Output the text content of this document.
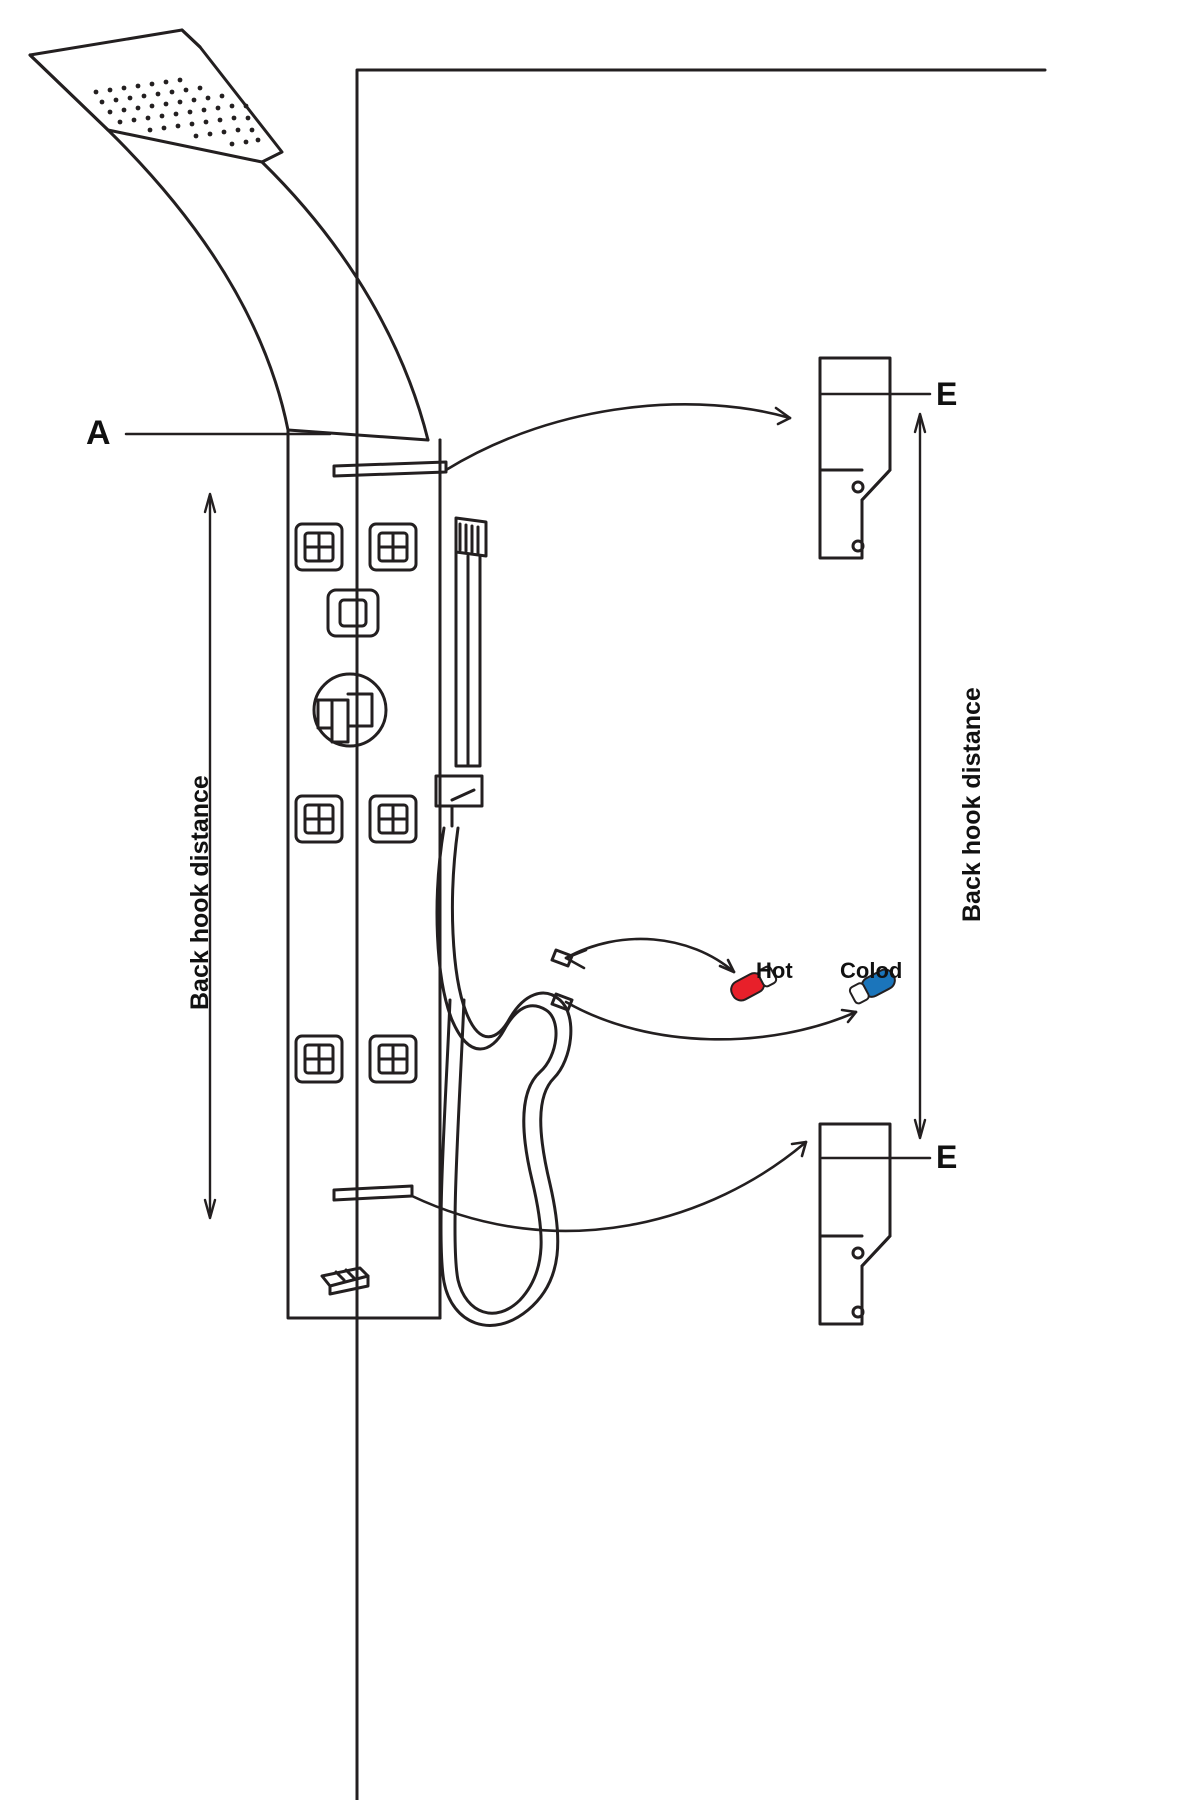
A
E
E
Back hook distance	Back hook distance
Hot Colod
